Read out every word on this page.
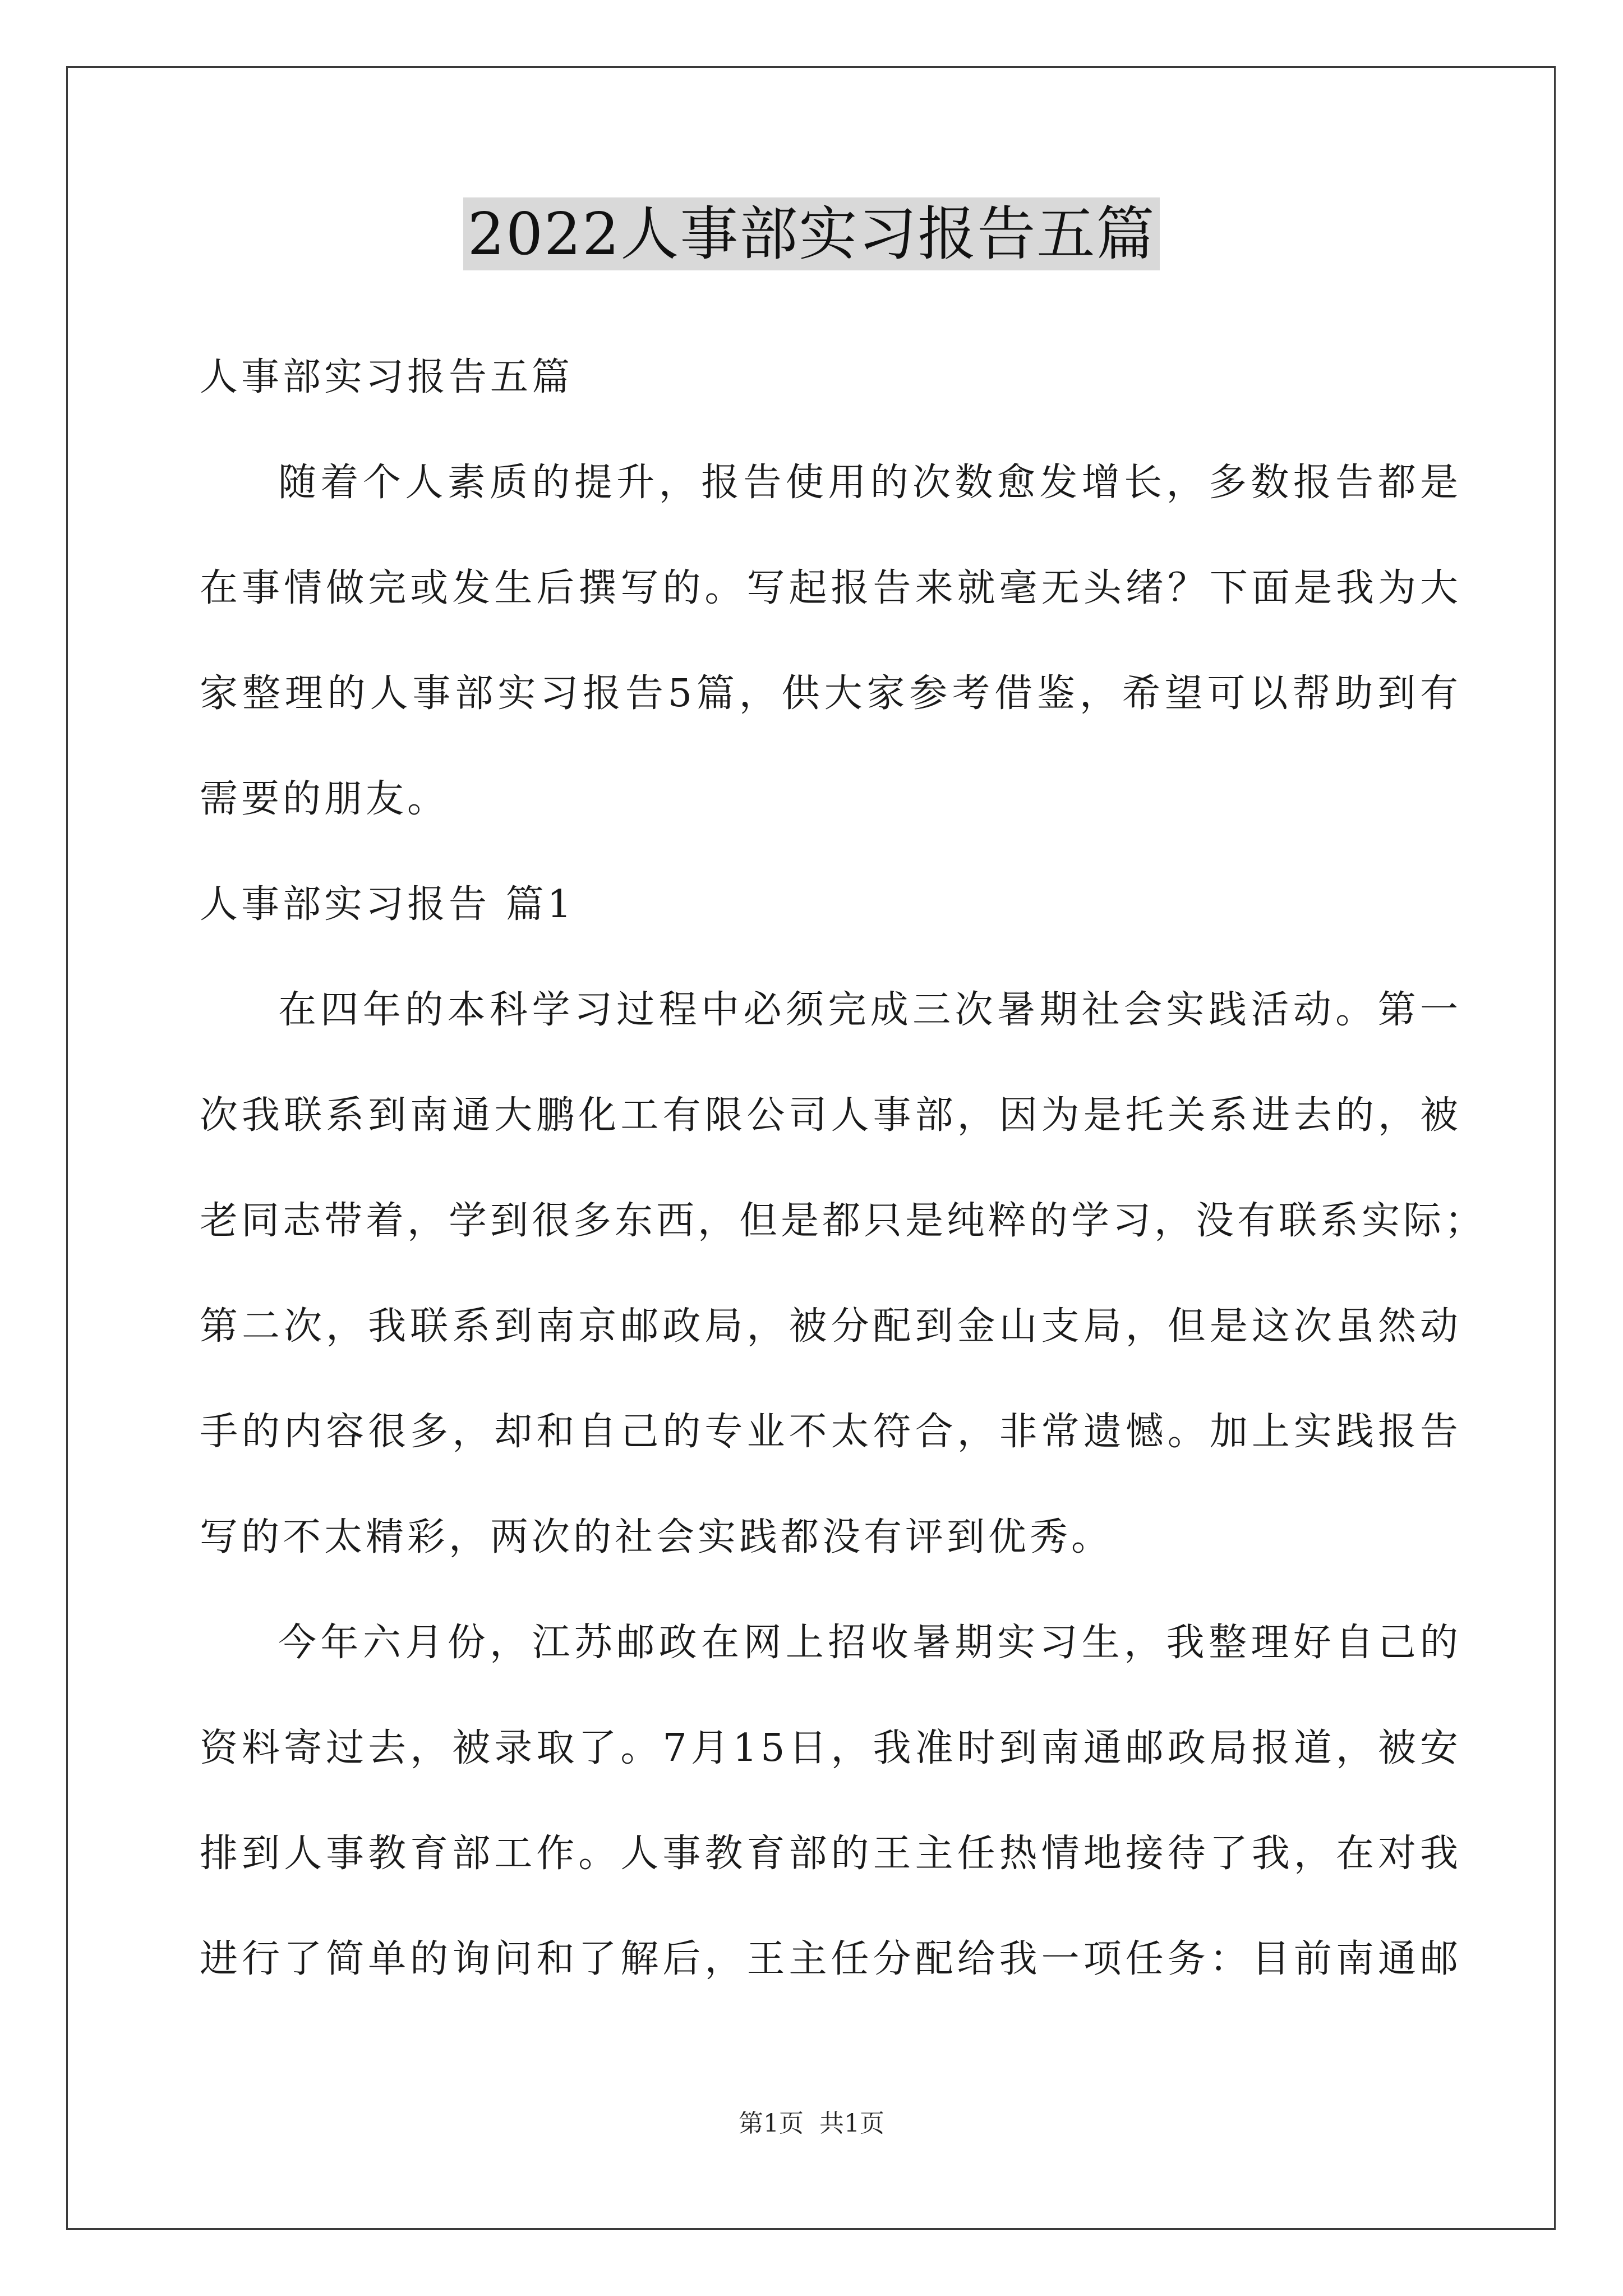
2022人事部实习报告五篇
人事部实习报告五篇
随着个人素质的提升，报告使用的次数愈发增长，多数报告都是
在事情做完或发生后撰写的。写起报告来就毫无头绪？下面是我为大
家整理的人事部实习报告5篇，供大家参考借鉴，希望可以帮助到有
需要的朋友。
人事部实习报告 篇1
在四年的本科学习过程中必须完成三次暑期社会实践活动。第一
次我联系到南通大鹏化工有限公司人事部，因为是托关系进去的，被
老同志带着，学到很多东西，但是都只是纯粹的学习，没有联系实际；
第二次，我联系到南京邮政局，被分配到金山支局，但是这次虽然动
手的内容很多，却和自己的专业不太符合，非常遗憾。加上实践报告
写的不太精彩，两次的社会实践都没有评到优秀。
今年六月份，江苏邮政在网上招收暑期实习生，我整理好自己的
资料寄过去，被录取了。7月15日，我准时到南通邮政局报道，被安
排到人事教育部工作。人事教育部的王主任热情地接待了我，在对我
进行了简单的询问和了解后，王主任分配给我一项任务：目前南通邮
第1页 共1页
